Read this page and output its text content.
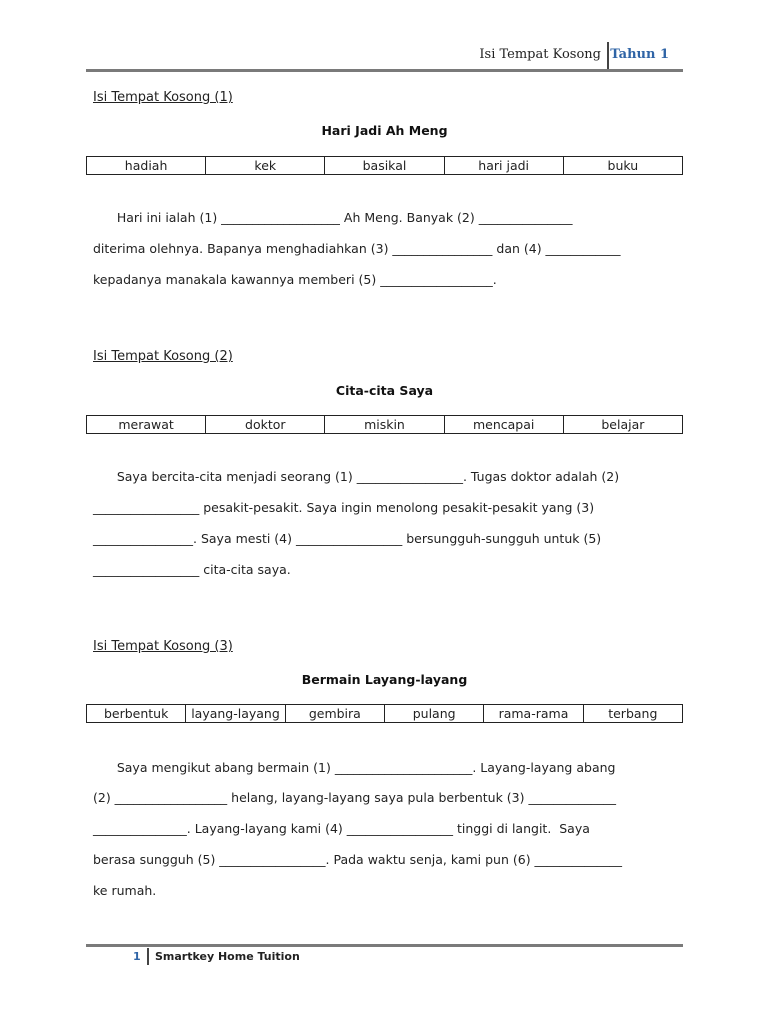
Isi Tempat Kosong Tahun 1
Isi Tempat Kosong (1)
Hari Jadi Ah Meng
hadiah	kek	basikal	hari jadi	buku
Hari ini ialah (1) ___________________ Ah Meng. Banyak (2) _______________
diterima olehnya. Bapanya menghadiahkan (3) ________________ dan (4) ____________
kepadanya manakala kawannya memberi (5) __________________.
Isi Tempat Kosong (2)
Cita-cita Saya
merawat	doktor	miskin	mencapai	belajar
Saya bercita-cita menjadi seorang (1) _________________. Tugas doktor adalah (2)
_________________ pesakit-pesakit. Saya ingin menolong pesakit-pesakit yang (3)
________________. Saya mesti (4) _________________ bersungguh-sungguh untuk (5)
_________________ cita-cita saya.
Isi Tempat Kosong (3)
Bermain Layang-layang
berbentuk	layang-layang	gembira	pulang	rama-rama	terbang
Saya mengikut abang bermain (1) ______________________. Layang-layang abang
(2) __________________ helang, layang-layang saya pula berbentuk (3) ______________
_______________. Layang-layang kami (4) _________________ tinggi di langit.  Saya
berasa sungguh (5) _________________. Pada waktu senja, kami pun (6) ______________
ke rumah.
1 Smartkey Home Tuition
